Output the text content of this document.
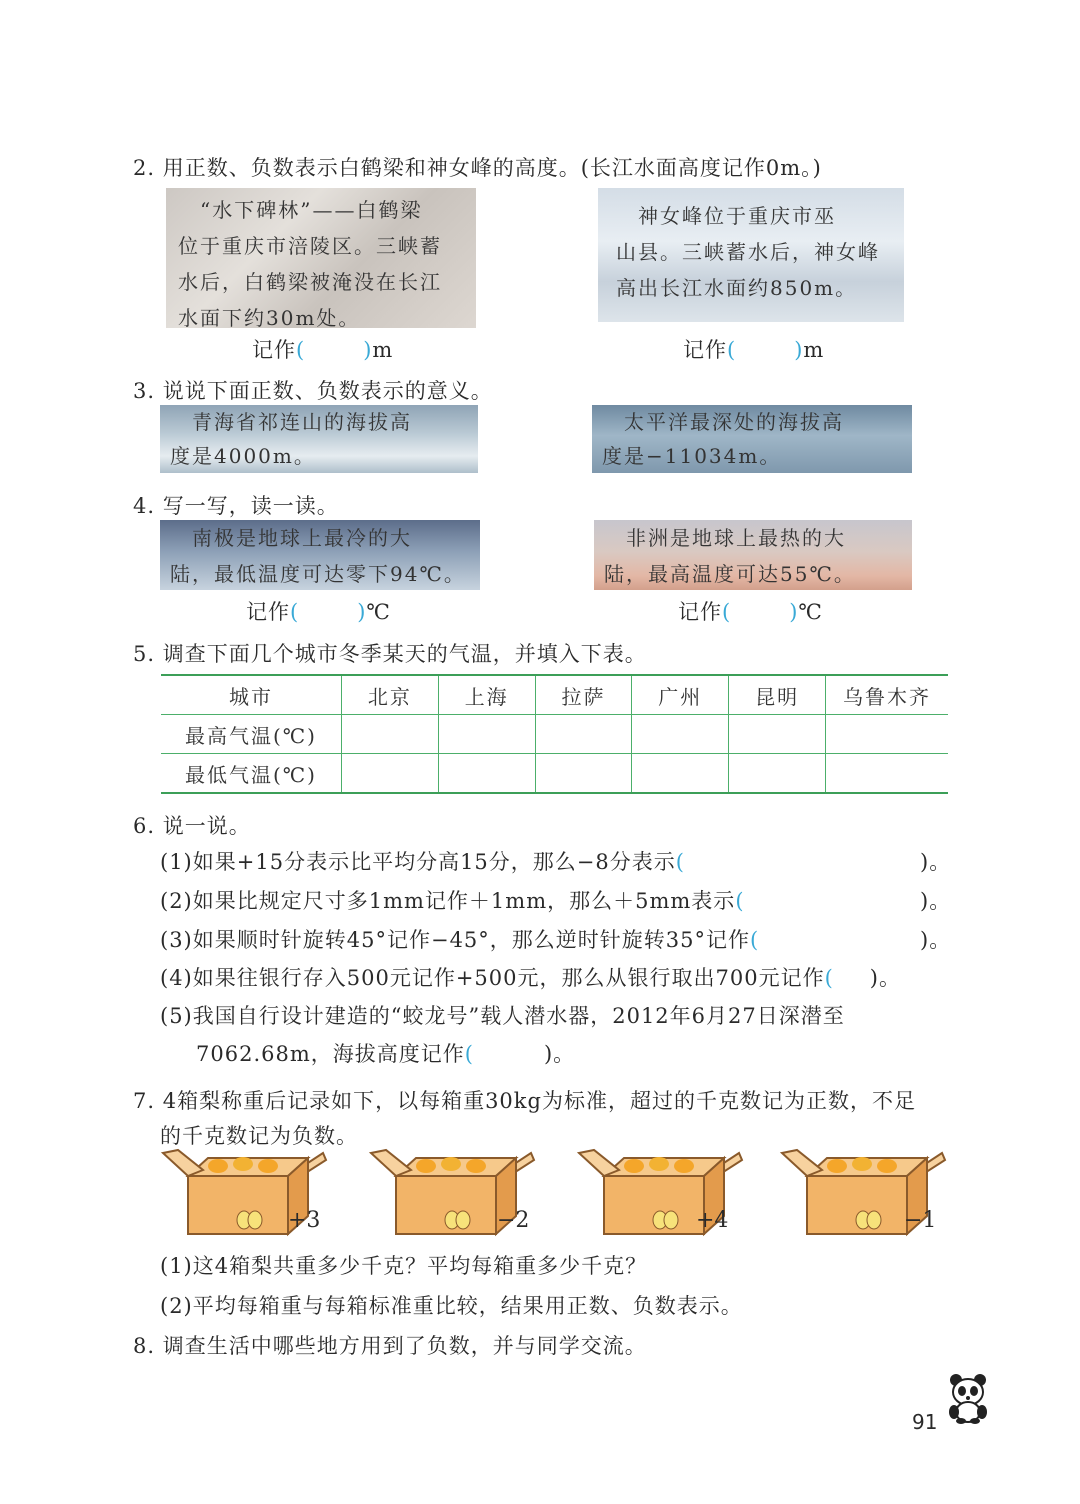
2. 用正数、负数表示白鹤梁和神女峰的高度。(长江水面高度记作0m。)
　“水下碑林”——白鹤梁
位于重庆市涪陵区。三峡蓄
水后，白鹤梁被淹没在长江
水面下约30m处。
　神女峰位于重庆市巫
山县。三峡蓄水后，神女峰
高出长江水面约850m。
记作(	)m	记作(	)m
3. 说说下面正数、负数表示的意义。
　青海省祁连山的海拔高
度是4000m。
　太平洋最深处的海拔高
度是−11034m。
4. 写一写，读一读。
　南极是地球上最冷的大
陆，最低温度可达零下94℃。
　非洲是地球上最热的大
陆，最高温度可达55℃。
记作(	)℃	记作(	)℃
5. 调查下面几个城市冬季某天的气温，并填入下表。
城市	北京	上海	拉萨	广州	昆明	乌鲁木齐
最高气温(℃)						
最低气温(℃)						
6. 说一说。
(1)如果+15分表示比平均分高15分，那么−8分表示(	)。
(2)如果比规定尺寸多1mm记作＋1mm，那么＋5mm表示(	)。
(3)如果顺时针旋转45°记作−45°，那么逆时针旋转35°记作(	)。
(4)如果往银行存入500元记作+500元，那么从银行取出700元记作( )。
(5)我国自行设计建造的“蛟龙号”载人潜水器，2012年6月27日深潜至
7062.68m，海拔高度记作(	)。
7. 4箱梨称重后记录如下，以每箱重30kg为标准，超过的千克数记为正数，不足
的千克数记为负数。
+3	−2	+4	−1
(1)这4箱梨共重多少千克？平均每箱重多少千克？
(2)平均每箱重与每箱标准重比较，结果用正数、负数表示。
8. 调查生活中哪些地方用到了负数，并与同学交流。
91
